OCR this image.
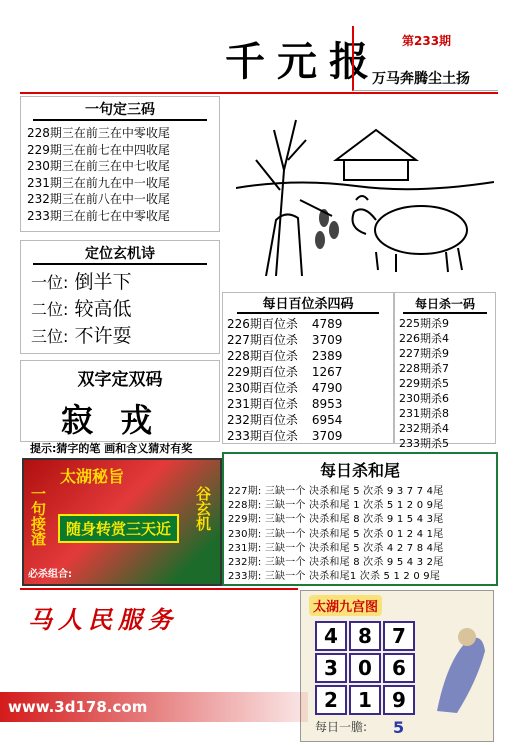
千元报 第233期
万马奔腾尘土扬
一句定三码
228期三在前三在中零收尾
229期三在前七在中四收尾
230期三在前三在中七收尾
231期三在前九在中一收尾
232期三在前八在中一收尾
233期三在前七在中零收尾
定位玄机诗
一位: 倒半下
二位: 较高低
三位: 不许耍
双字定双码
寂 戎
提示:猜字的笔 画和含义猜对有奖
太湖秘旨
一句接渣	随身转赏三天近	谷玄机
必杀组合:
每日百位杀四码
226期百位杀 4789
227期百位杀 3709
228期百位杀 2389
229期百位杀 1267
230期百位杀 4790
231期百位杀 8953
232期百位杀 6954
233期百位杀 3709
每日杀一码
225期杀9
226期杀4
227期杀9
228期杀7
229期杀5
230期杀6
231期杀8
232期杀4
233期杀5
每日杀和尾
227期: 三缺一个 决杀和尾 5 次杀 9 3 7 7 4尾
228期: 三缺一个 决杀和尾 1 次杀 5 1 2 0 9尾
229期: 三缺一个 决杀和尾 8 次杀 9 1 5 4 3尾
230期: 三缺一个 决杀和尾 5 次杀 0 1 2 4 1尾
231期: 三缺一个 决杀和尾 5 次杀 4 2 7 8 4尾
232期: 三缺一个 决杀和尾 8 次杀 9 5 4 3 2尾
233期: 三缺一个 决杀和尾1 次杀 5 1 2 0 9尾
马人民服务	太湖九宫图
4	8	7
3	0	6
2	1	9
每日一膽: 5
www.3d178.com
